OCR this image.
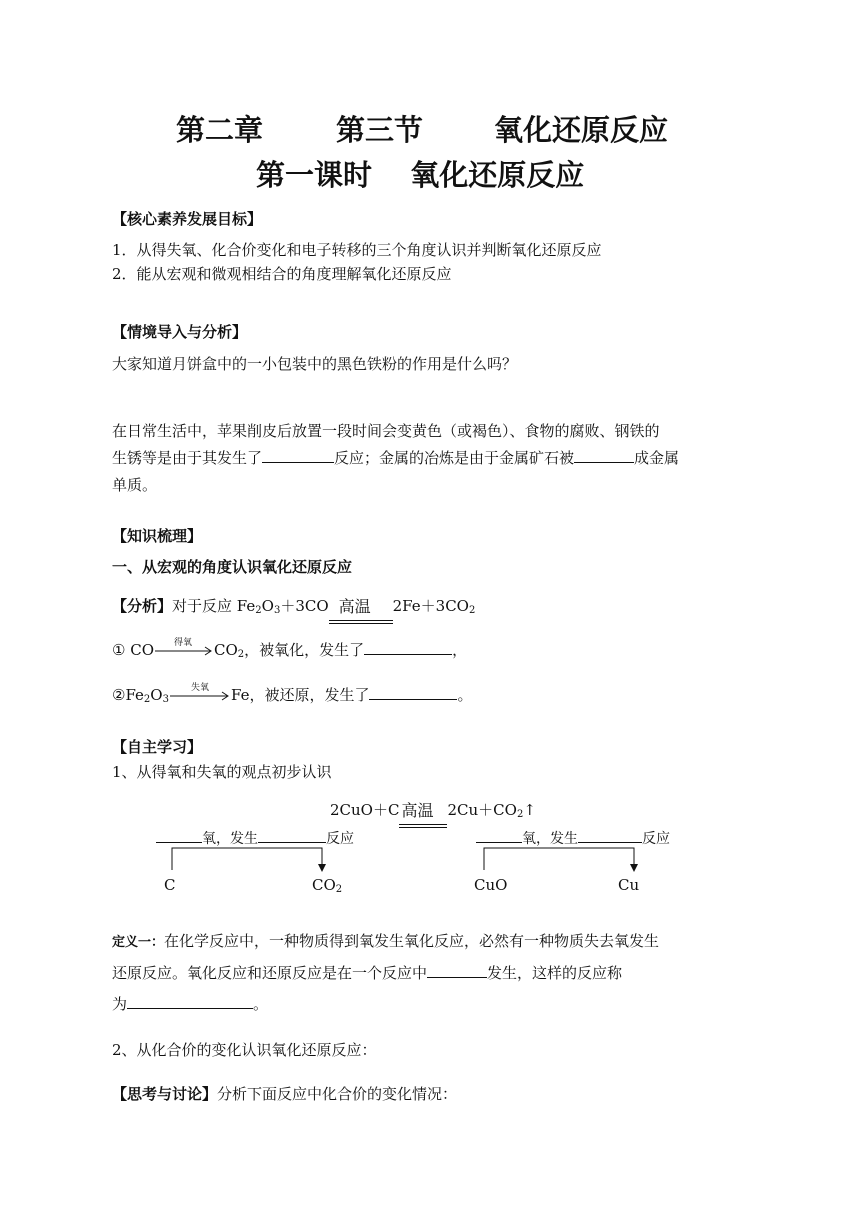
第二章	第三节 氧化还原反应
第一课时 氧化还原反应
【核心素养发展目标】
1．从得失氧、化合价变化和电子转移的三个角度认识并判断氧化还原反应
2．能从宏观和微观相结合的角度理解氧化还原反应
【情境导入与分析】
大家知道月饼盒中的一小包装中的黑色铁粉的作用是什么吗？
在日常生活中，苹果削皮后放置一段时间会变黄色（或褐色）、食物的腐败、钢铁的
生锈等是由于其发生了	反应；金属的冶炼是由于金属矿石被	成金属
单质。
【知识梳理】
一、从宏观的角度认识氧化还原反应
【分析】对于反应 $Fe_2O_3+3CO$ 高温 $2Fe+3CO_2$
① CO 得氧 $CO_2$，被氧化，发生了	，
$②Fe_2O_3$
失氧 Fe，被还原，发生了	。
【自主学习】
1、从得氧和失氧的观点初步认识
2CuO＋C 高温 $2Cu+CO_2↑$
氧，发生	反应	氧，发生	反应
C	$CO_2$	CuO	Cu
定义一：在化学反应中，一种物质得到氧发生氧化反应，必然有一种物质失去氧发生
还原反应。氧化反应和还原反应是在一个反应中	发生，这样的反应称
为	。
2、从化合价的变化认识氧化还原反应：
【思考与讨论】分析下面反应中化合价的变化情况：
